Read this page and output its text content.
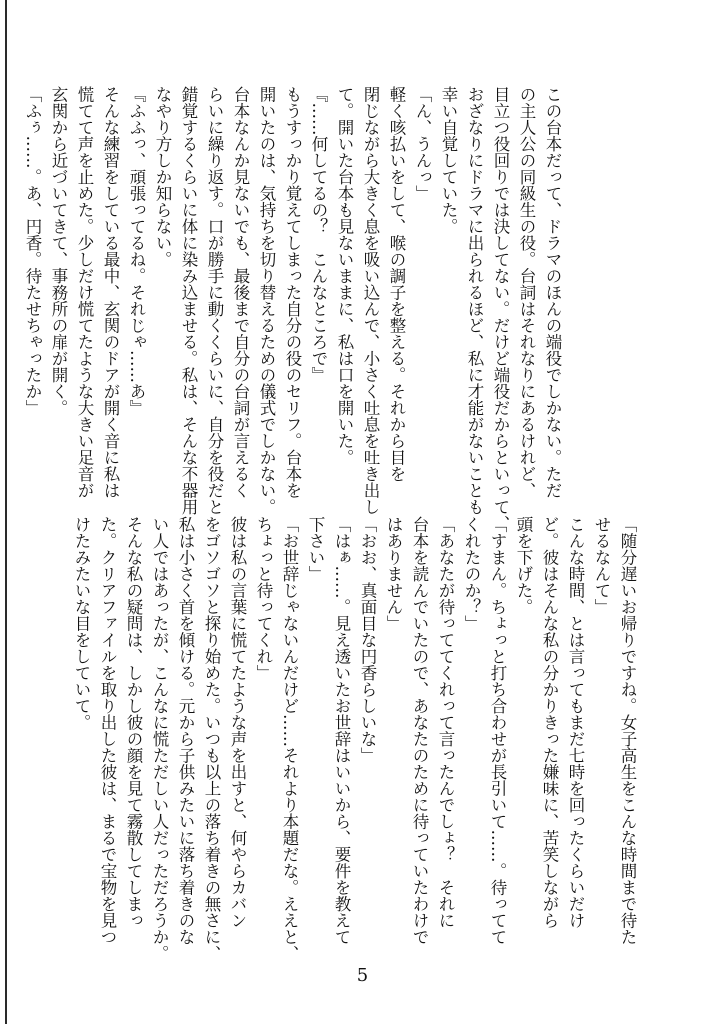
この台本だって、ドラマのほんの端役でしかない。ただ
の主人公の同級生の役。台詞はそれなりにあるけれど、
目立つ役回りでは決してない。だけど端役だからといって、
おざなりにドラマに出られるほど、私に才能がないことも
幸い自覚していた。
「ん、うんっ」
軽く咳払いをして、喉の調子を整える。それから目を
閉じながら大きく息を吸い込んで、小さく吐息を吐き出し
て。開いた台本も見ないままに、私は口を開いた。
『……何してるの？　こんなところで』
もうすっかり覚えてしまった自分の役のセリフ。台本を
開いたのは、気持ちを切り替えるための儀式でしかない。
台本なんか見ないでも、最後まで自分の台詞が言えるく
らいに繰り返す。口が勝手に動くくらいに、自分を役だと
錯覚するくらいに体に染み込ませる。私は、そんな不器用
なやり方しか知らない。
『ふふっ、頑張ってるね。それじゃ……あ』
そんな練習をしている最中、玄関のドアが開く音に私は
慌てて声を止めた。少しだけ慌てたような大きい足音が
玄関から近づいてきて、事務所の扉が開く。
「ふぅ……。あ、円香。待たせちゃったか」
「随分遅いお帰りですね。女子高生をこんな時間まで待た
せるなんて」
こんな時間、とは言ってもまだ七時を回ったくらいだけ
ど。彼はそんな私の分かりきった嫌味に、苦笑しながら
頭を下げた。
「すまん。ちょっと打ち合わせが長引いて……。待ってて
くれたのか？」
「あなたが待っててくれって言ったんでしょ？　それに
台本を読んでいたので、あなたのために待っていたわけで
はありません」
「おお、真面目な円香らしいな」
「はぁ……。見え透いたお世辞はいいから、要件を教えて
下さい」
「お世辞じゃないんだけど……それより本題だな。ええと、
ちょっと待ってくれ」
彼は私の言葉に慌てたような声を出すと、何やらカバン
をゴソゴソと探り始めた。いつも以上の落ち着きの無さに、
私は小さく首を傾ける。元から子供みたいに落ち着きのな
い人ではあったが、こんなに慌ただしい人だっただろうか。
そんな私の疑問は、しかし彼の顔を見て霧散してしまっ
た。クリアファイルを取り出した彼は、まるで宝物を見つ
けたみたいな目をしていて。
5
